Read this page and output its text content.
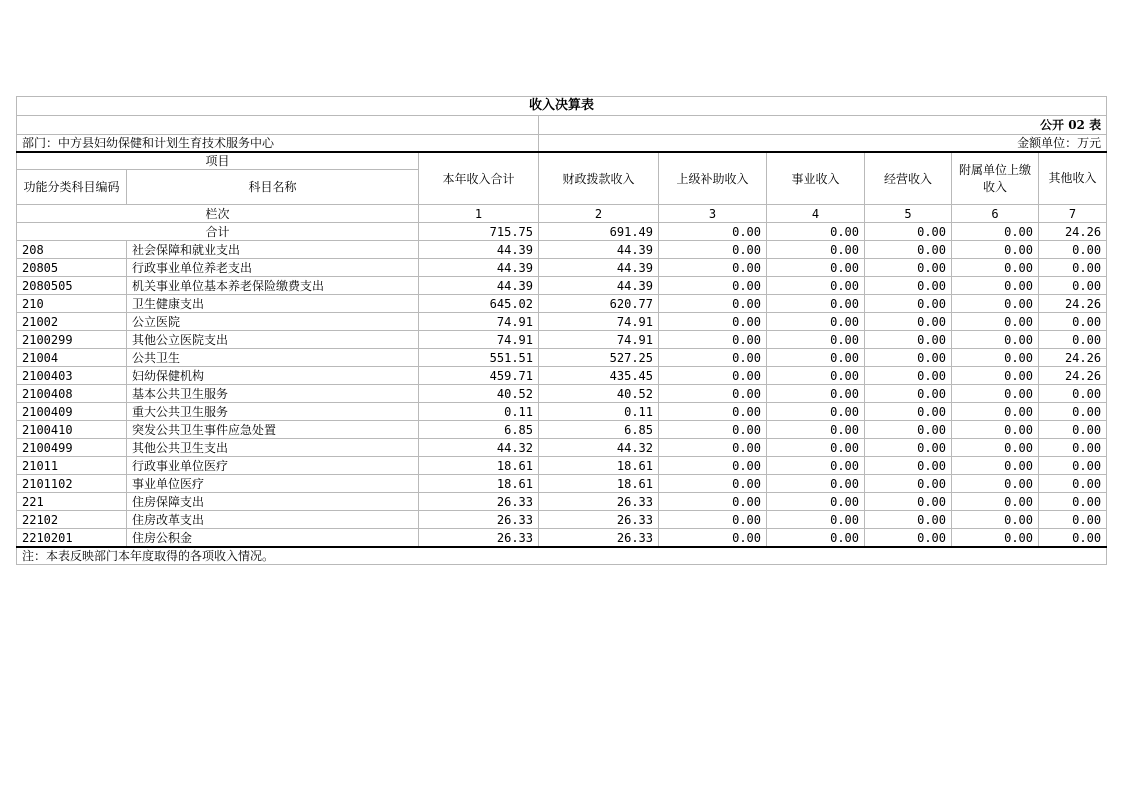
收入决算表								
			公开 02 表					
部门：中方县妇幼保健和计划生育技术服务中心			金额单位：万元					
项目		本年收入合计	财政拨款收入	上级补助收入	事业收入	经营收入	附属单位上缴收入	其他收入
功能分类科目编码	科目名称							
栏次		1	2	3	4	5	6	7
合计		715.75	691.49	0.00	0.00	0.00	0.00	24.26
208	社会保障和就业支出	44.39	44.39	0.00	0.00	0.00	0.00	0.00
20805	行政事业单位养老支出	44.39	44.39	0.00	0.00	0.00	0.00	0.00
2080505	机关事业单位基本养老保险缴费支出	44.39	44.39	0.00	0.00	0.00	0.00	0.00
210	卫生健康支出	645.02	620.77	0.00	0.00	0.00	0.00	24.26
21002	公立医院	74.91	74.91	0.00	0.00	0.00	0.00	0.00
2100299	其他公立医院支出	74.91	74.91	0.00	0.00	0.00	0.00	0.00
21004	公共卫生	551.51	527.25	0.00	0.00	0.00	0.00	24.26
2100403	妇幼保健机构	459.71	435.45	0.00	0.00	0.00	0.00	24.26
2100408	基本公共卫生服务	40.52	40.52	0.00	0.00	0.00	0.00	0.00
2100409	重大公共卫生服务	0.11	0.11	0.00	0.00	0.00	0.00	0.00
2100410	突发公共卫生事件应急处置	6.85	6.85	0.00	0.00	0.00	0.00	0.00
2100499	其他公共卫生支出	44.32	44.32	0.00	0.00	0.00	0.00	0.00
21011	行政事业单位医疗	18.61	18.61	0.00	0.00	0.00	0.00	0.00
2101102	事业单位医疗	18.61	18.61	0.00	0.00	0.00	0.00	0.00
221	住房保障支出	26.33	26.33	0.00	0.00	0.00	0.00	0.00
22102	住房改革支出	26.33	26.33	0.00	0.00	0.00	0.00	0.00
2210201	住房公积金	26.33	26.33	0.00	0.00	0.00	0.00	0.00
注：本表反映部门本年度取得的各项收入情况。								
